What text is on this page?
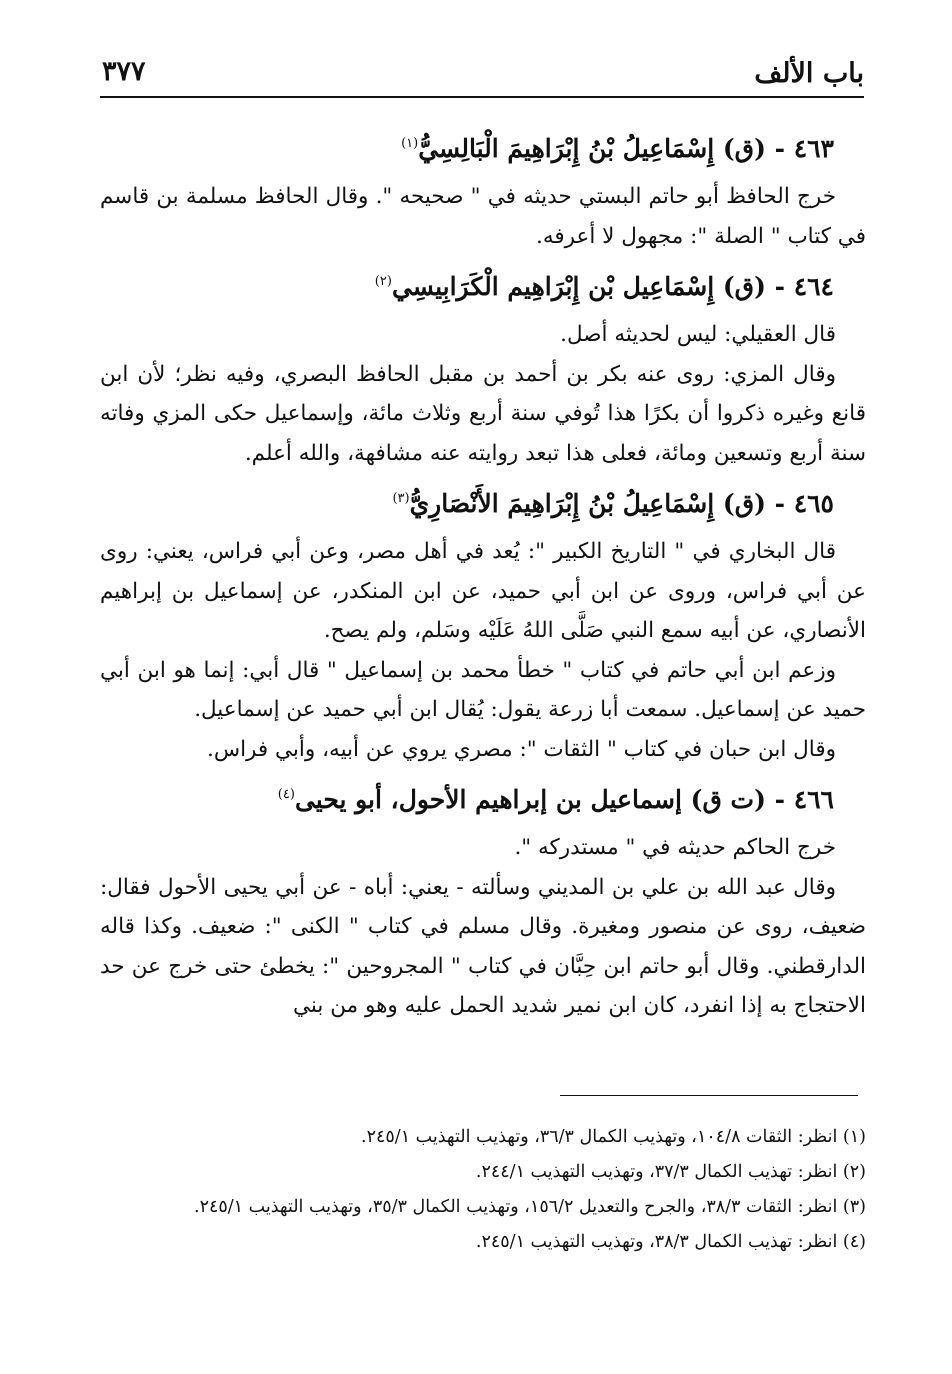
باب الألف
٣٧٧
٤٦٣ - (ق) إِسْمَاعِيلُ بْنُ إِبْرَاهِيمَ الْبَالِسِيُّ$^{(١)}$

خرج الحافظ أبو حاتم البستي حديثه في " صحيحه ". وقال الحافظ مسلمة بن قاسم في كتاب " الصلة ": مجهول لا أعرفه.

٤٦٤ - (ق) إِسْمَاعِيل بْن إِبْرَاهِيم الْكَرَابِيسِي$^{(٢)}$

قال العقيلي: ليس لحديثه أصل.

وقال المزي: روى عنه بكر بن أحمد بن مقبل الحافظ البصري، وفيه نظر؛ لأن ابن قانع وغيره ذكروا أن بكرًا هذا تُوفي سنة أربع وثلاث مائة، وإسماعيل حكى المزي وفاته سنة أربع وتسعين ومائة، فعلى هذا تبعد روايته عنه مشافهة، والله أعلم.

٤٦٥ - (ق) إِسْمَاعِيلُ بْنُ إِبْرَاهِيمَ الأَنْصَارِيُّ$^{(٣)}$

قال البخاري في " التاريخ الكبير ": يُعد في أهل مصر، وعن أبي فراس، يعني: روى عن أبي فراس، وروى عن ابن أبي حميد، عن ابن المنكدر، عن إسماعيل بن إبراهيم الأنصاري، عن أبيه سمع النبي صَلَّى اللهُ عَلَيْه وسَلم، ولم يصح.

وزعم ابن أبي حاتم في كتاب " خطأ محمد بن إسماعيل " قال أبي: إنما هو ابن أبي حميد عن إسماعيل. سمعت أبا زرعة يقول: يُقال ابن أبي حميد عن إسماعيل.

وقال ابن حبان في كتاب " الثقات ": مصري يروي عن أبيه، وأبي فراس.

٤٦٦ - (ت ق) إسماعيل بن إبراهيم الأحول، أبو يحيى$^{(٤)}$

خرج الحاكم حديثه في " مستدركه ".

وقال عبد الله بن علي بن المديني وسألته - يعني: أباه - عن أبي يحيى الأحول فقال: ضعيف، روى عن منصور ومغيرة. وقال مسلم في كتاب " الكنى ": ضعيف. وكذا قاله الدارقطني. وقال أبو حاتم ابن حِبَّان في كتاب " المجروحين ": يخطئ حتى خرج عن حد الاحتجاج به إذا انفرد، كان ابن نمير شديد الحمل عليه وهو من بني

(١) انظر: الثقات ١٠٤/٨، وتهذيب الكمال ٣٦/٣، وتهذيب التهذيب ٢٤٥/١.

(٢) انظر: تهذيب الكمال ٣٧/٣، وتهذيب التهذيب ٢٤٤/١.

(٣) انظر: الثقات ٣٨/٣، والجرح والتعديل ١٥٦/٢، وتهذيب الكمال ٣٥/٣، وتهذيب التهذيب ٢٤٥/١.

(٤) انظر: تهذيب الكمال ٣٨/٣، وتهذيب التهذيب ٢٤٥/١.
